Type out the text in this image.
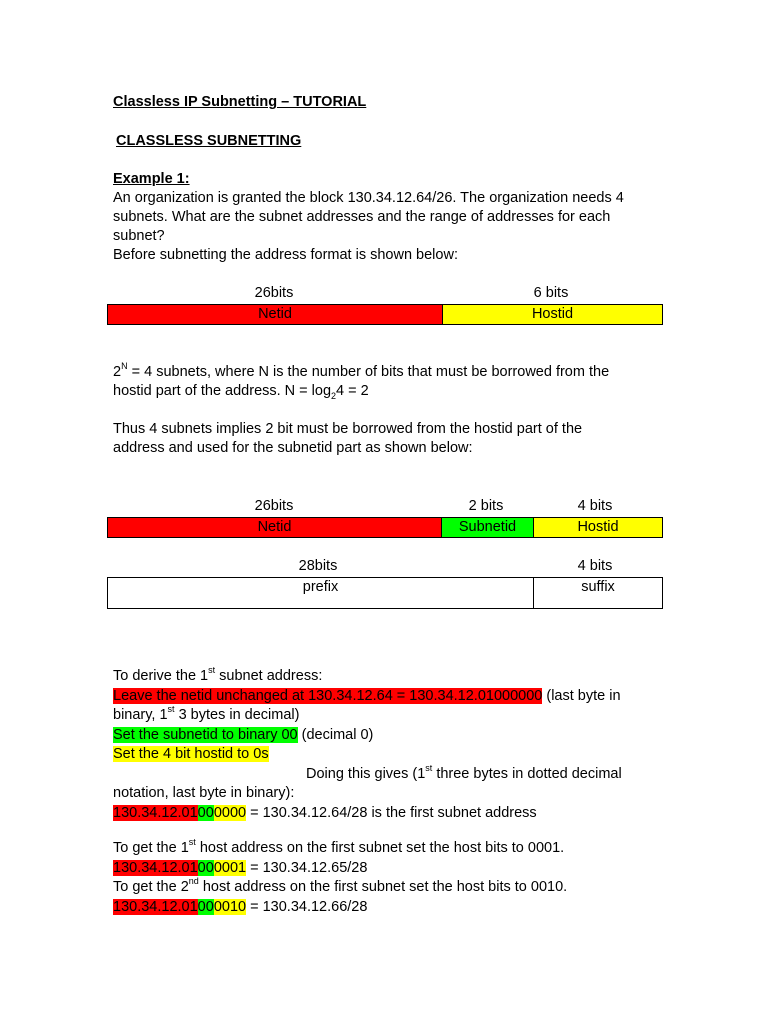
Classless IP Subnetting – TUTORIAL
CLASSLESS SUBNETTING
Example 1:
An organization is granted the block 130.34.12.64/26. The organization needs 4
subnets. What are the subnet addresses and the range of addresses for each
subnet?
Before subnetting the address format is shown below:
26bits	6 bits
Netid	Hostid
$2^N = 4$ subnets, where N is the number of bits that must be borrowed from the
hostid part of the address. $N = \log_24 = 2$
Thus 4 subnets implies 2 bit must be borrowed from the hostid part of the
address and used for the subnetid part as shown below:
26bits	2 bits	4 bits
Netid	Subnetid	Hostid
28bits	4 bits
prefix	suffix
To derive the 1st subnet address:
Leave the netid unchanged at 130.34.12.64 = 130.34.12.01000000 (last byte in
binary, 1st 3 bytes in decimal)
Set the subnetid to binary 00 (decimal 0)
Set the 4 bit hostid to 0s
Doing this gives (1st three bytes in dotted decimal
notation, last byte in binary):
130.34.12.01000000 = 130.34.12.64/28 is the first subnet address
To get the 1st host address on the first subnet set the host bits to 0001.
130.34.12.01000001 = 130.34.12.65/28
To get the 2nd host address on the first subnet set the host bits to 0010.
130.34.12.01000010 = 130.34.12.66/28
